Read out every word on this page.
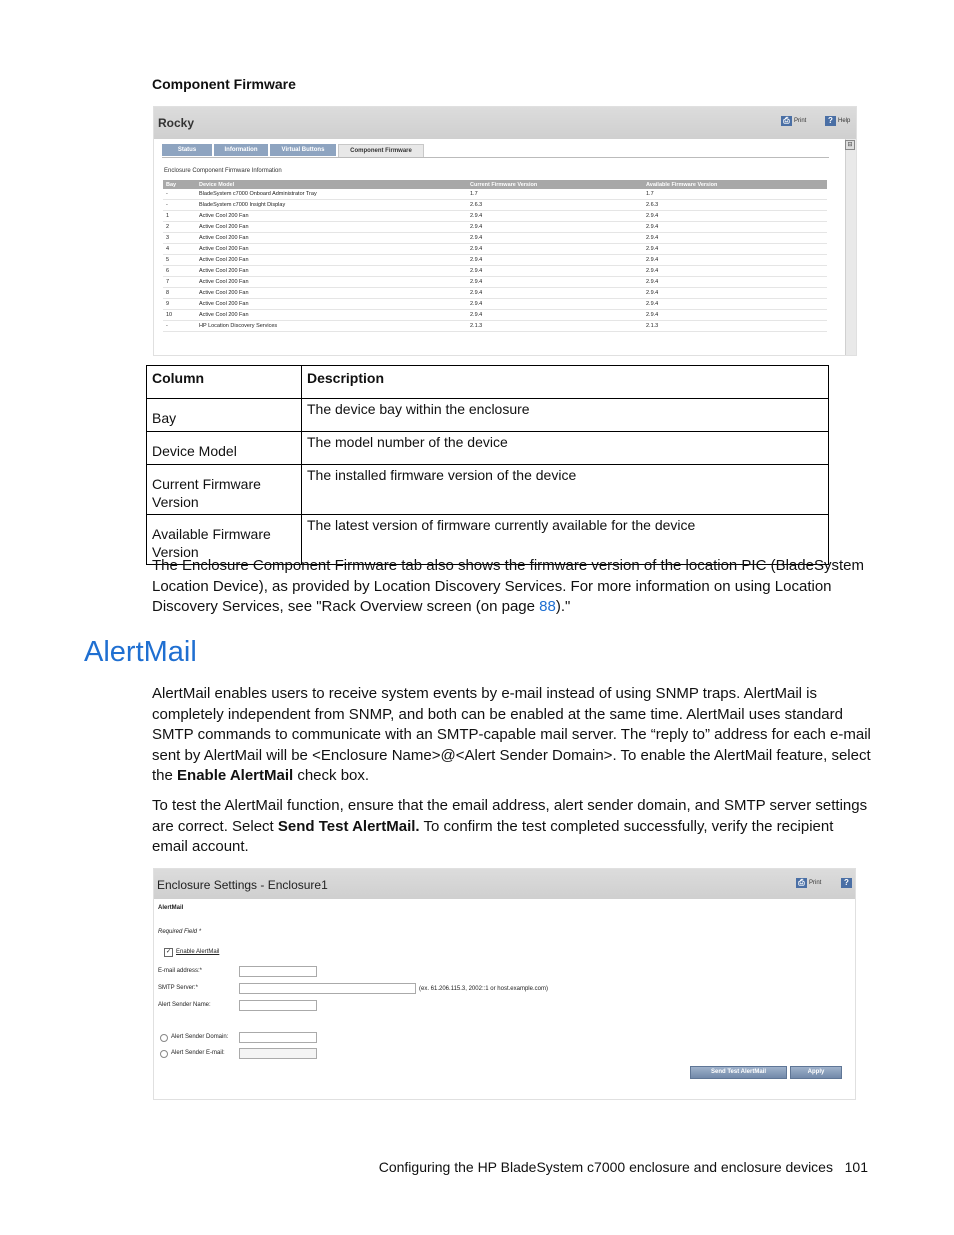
Component Firmware
Rocky	⎙ Print	? Help
⊟
Status	Information	Virtual Buttons	Component Firmware
Enclosure Component Firmware Information
Bay	Device Model	Current Firmware Version	Available Firmware Version
-	BladeSystem c7000 Onboard Administrator Tray	1.7	1.7
-	BladeSystem c7000 Insight Display	2.6.3	2.6.3
1	Active Cool 200 Fan	2.9.4	2.9.4
2	Active Cool 200 Fan	2.9.4	2.9.4
3	Active Cool 200 Fan	2.9.4	2.9.4
4	Active Cool 200 Fan	2.9.4	2.9.4
5	Active Cool 200 Fan	2.9.4	2.9.4
6	Active Cool 200 Fan	2.9.4	2.9.4
7	Active Cool 200 Fan	2.9.4	2.9.4
8	Active Cool 200 Fan	2.9.4	2.9.4
9	Active Cool 200 Fan	2.9.4	2.9.4
10	Active Cool 200 Fan	2.9.4	2.9.4
-	HP Location Discovery Services	2.1.3	2.1.3
Column	Description
Bay	The device bay within the enclosure
Device Model	The model number of the device
Current Firmware Version	The installed firmware version of the device
Available Firmware Version	The latest version of firmware currently available for the device

The Enclosure Component Firmware tab also shows the firmware version of the location PIC (BladeSystem Location Device), as provided by Location Discovery Services. For more information on using Location Discovery Services, see "Rack Overview screen (on page 88)."

AlertMail

AlertMail enables users to receive system events by e-mail instead of using SNMP traps. AlertMail is completely independent from SNMP, and both can be enabled at the same time. AlertMail uses standard SMTP commands to communicate with an SMTP-capable mail server. The “reply to” address for each e-mail sent by AlertMail will be <Enclosure Name>@<Alert Sender Domain>. To enable the AlertMail feature, select the Enable AlertMail check box.

To test the AlertMail function, ensure that the email address, alert sender domain, and SMTP server settings are correct. Select Send Test AlertMail. To confirm the test completed successfully, verify the recipient email account.

Enclosure Settings - Enclosure1	⎙ Print	?
AlertMail
Required Field *
✓ Enable AlertMail
E-mail address:*
SMTP Server:*	(ex. 61.206.115.3, 2002::1 or host.example.com)
Alert Sender Name:
Alert Sender Domain:
Alert Sender E-mail:
Send Test AlertMail	Apply
Configuring the HP BladeSystem c7000 enclosure and enclosure devices 101
